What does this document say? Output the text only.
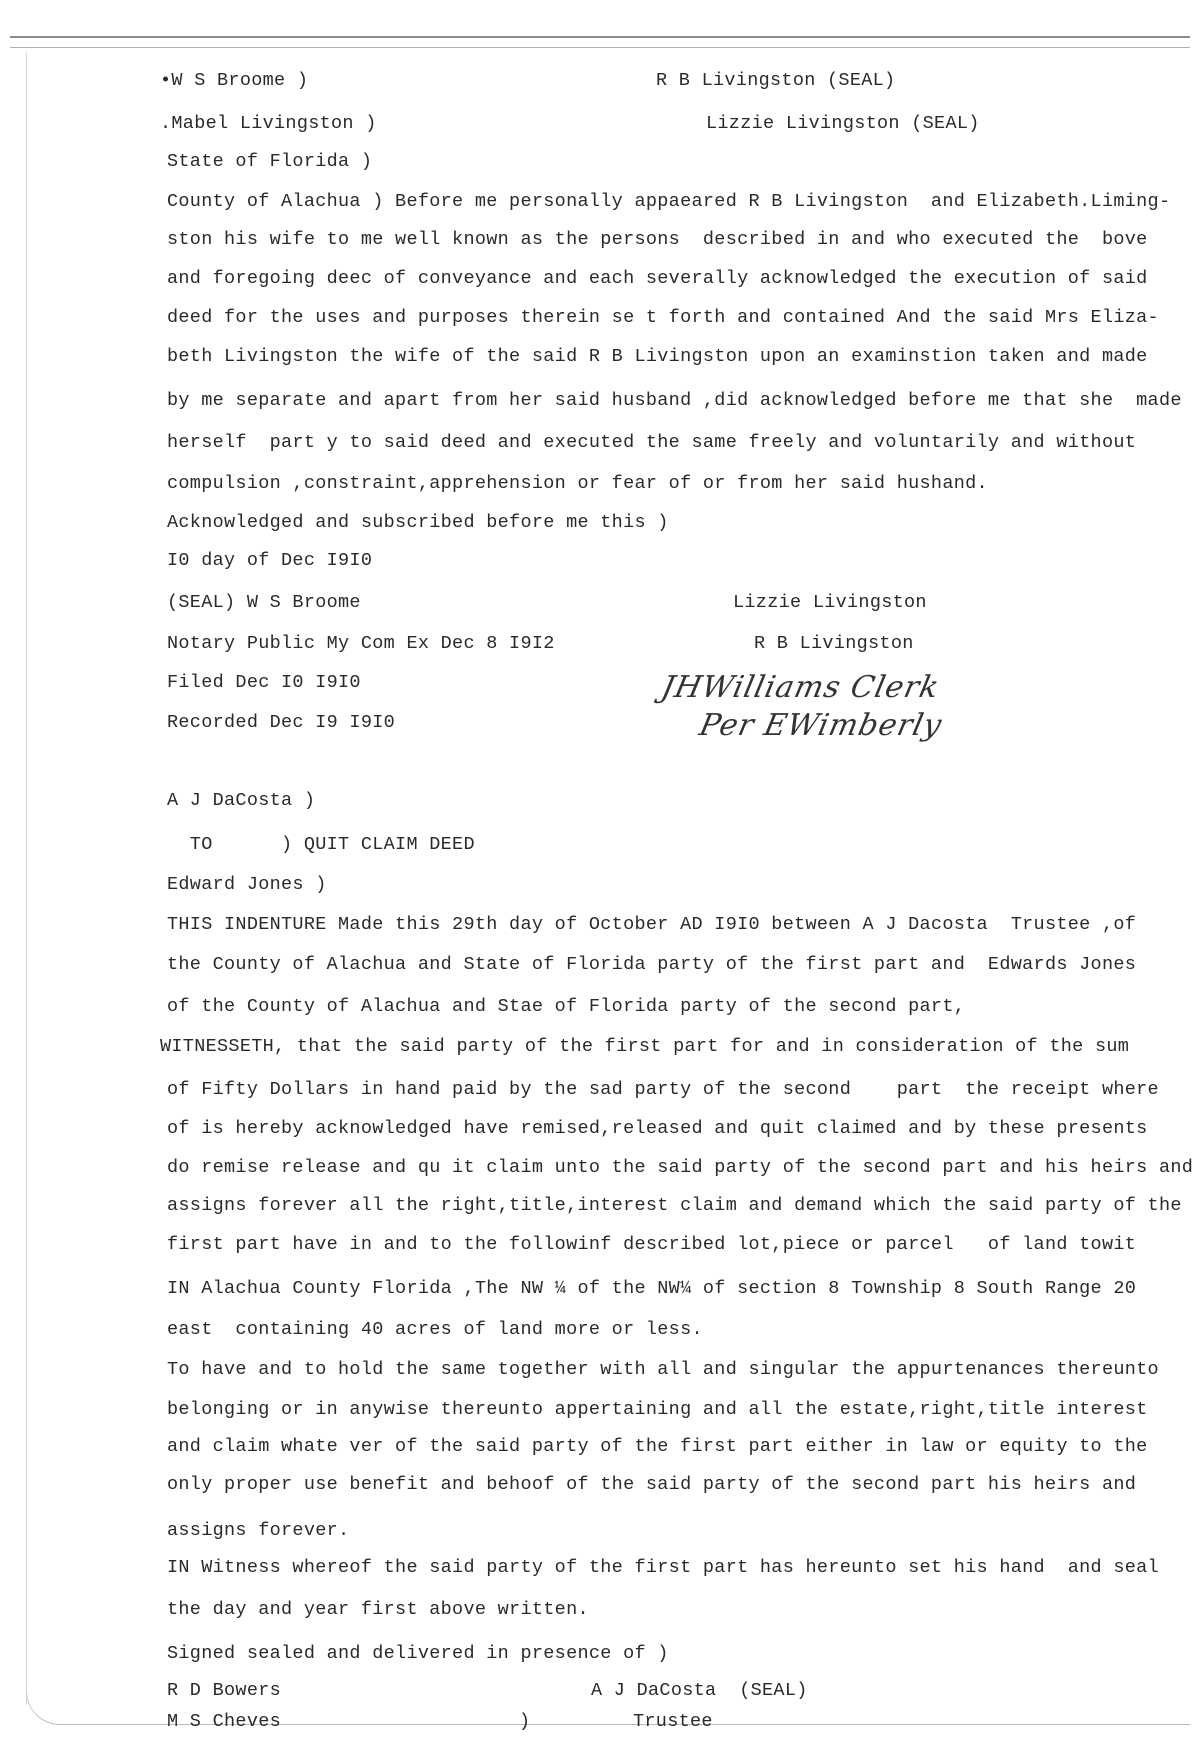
•W S Broome )
.Mabel Livingston )
State of Florida )
County of Alachua ) Before me personally appaeared R B Livingston  and Elizabeth.Liming-
ston his wife to me well known as the persons  described in and who executed the  bove
and foregoing deec of conveyance and each severally acknowledged the execution of said
deed for the uses and purposes therein se t forth and contained And the said Mrs Eliza-
beth Livingston the wife of the said R B Livingston upon an examinstion taken and made
by me separate and apart from her said husband ,did acknowledged before me that she  made
herself  part y to said deed and executed the same freely and voluntarily and without
compulsion ,constraint,apprehension or fear of or from her said hushand.
Acknowledged and subscribed before me this )
I0 day of Dec I9I0
(SEAL) W S Broome
Notary Public My Com Ex Dec 8 I9I2
Filed Dec I0 I9I0
Recorded Dec I9 I9I0
A J DaCosta )
TO      ) QUIT CLAIM DEED
Edward Jones )
THIS INDENTURE Made this 29th day of October AD I9I0 between A J Dacosta  Trustee ,of
the County of Alachua and State of Florida party of the first part and  Edwards Jones
of the County of Alachua and Stae of Florida party of the second part,
WITNESSETH, that the said party of the first part for and in consideration of the sum
of Fifty Dollars in hand paid by the sad party of the second    part  the receipt where
of is hereby acknowledged have remised,released and quit claimed and by these presents
do remise release and qu it claim unto the said party of the second part and his heirs and
assigns forever all the right,title,interest claim and demand which the said party of the
first part have in and to the followinf described lot,piece or parcel   of land towit
IN Alachua County Florida ,The NW ¼ of the NW¼ of section 8 Township 8 South Range 20
east  containing 40 acres of land more or less.
To have and to hold the same together with all and singular the appurtenances thereunto
belonging or in anywise thereunto appertaining and all the estate,right,title interest
and claim whate ver of the said party of the first part either in law or equity to the
only proper use benefit and behoof of the said party of the second part his heirs and
assigns forever.
IN Witness whereof the said party of the first part has hereunto set his hand  and seal
the day and year first above written.
Signed sealed and delivered in presence of )
R D Bowers
M S Cheves
R B Livingston (SEAL)
Lizzie Livingston (SEAL)
Lizzie Livingston
R B Livingston
A J DaCosta  (SEAL)
)	Trustee
JHWilliams Clerk
Per EWimberly
